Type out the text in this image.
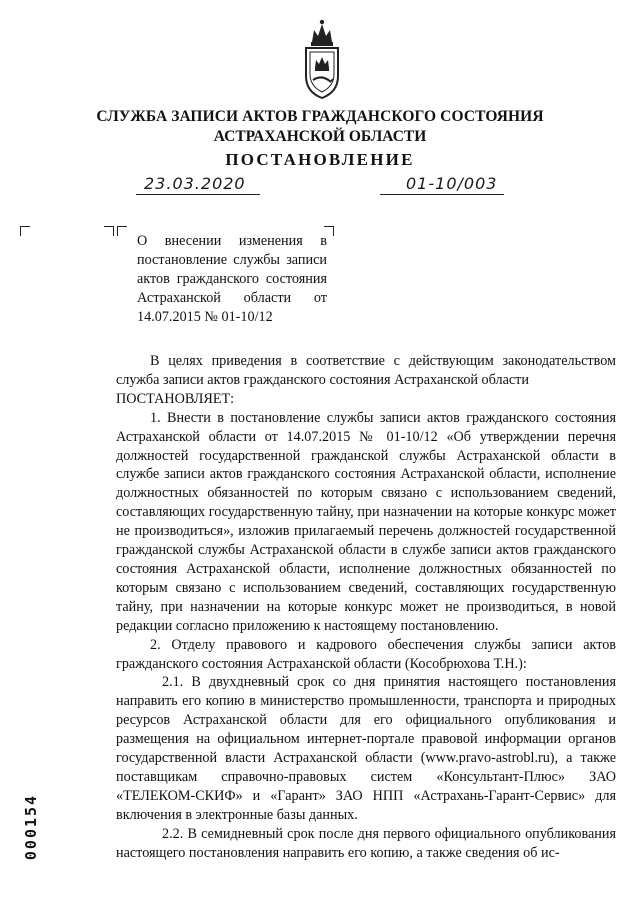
СЛУЖБА ЗАПИСИ АКТОВ ГРАЖДАНСКОГО СОСТОЯНИЯ
АСТРАХАНСКОЙ ОБЛАСТИ
ПОСТАНОВЛЕНИЕ
23.03.2020	01-10/003
О внесении изменения в постановление службы записи актов гражданского состояния Астраханской области от 14.07.2015 № 01-10/12

В целях приведения в соответствие с действующим законодательством служба записи актов гражданского состояния Астраханской области

ПОСТАНОВЛЯЕТ:

1. Внести в постановление службы записи актов гражданского состояния Астраханской области от 14.07.2015 № 01-10/12 «Об утверждении перечня должностей государственной гражданской службы Астраханской области в службе записи актов гражданского состояния Астраханской области, исполнение должностных обязанностей по которым связано с использованием сведений, составляющих государственную тайну, при назначении на которые конкурс может не производиться», изложив прилагаемый перечень должностей государственной гражданской службы Астраханской области в службе записи актов гражданского состояния Астраханской области, исполнение должностных обязанностей по которым связано с использованием сведений, составляющих государственную тайну, при назначении на которые конкурс может не производиться, в новой редакции согласно приложению к настоящему постановлению.

2. Отделу правового и кадрового обеспечения службы записи актов гражданского состояния Астраханской области (Кособрюхова Т.Н.):

2.1. В двухдневный срок со дня принятия настоящего постановления направить его копию в министерство промышленности, транспорта и природных ресурсов Астраханской области для его официального опубликования и размещения на официальном интернет-портале правовой информации органов государственной власти Астраханской области (www.pravo-astrobl.ru), а также поставщикам справочно-правовых систем «Консультант-Плюс» ЗАО «ТЕЛЕКОМ-СКИФ» и «Гарант» ЗАО НПП «Астрахань-Гарант-Сервис» для включения в электронные базы данных.

2.2. В семидневный срок после дня первого официального опубликования настоящего постановления направить его копию, а также сведения об ис-

000154
